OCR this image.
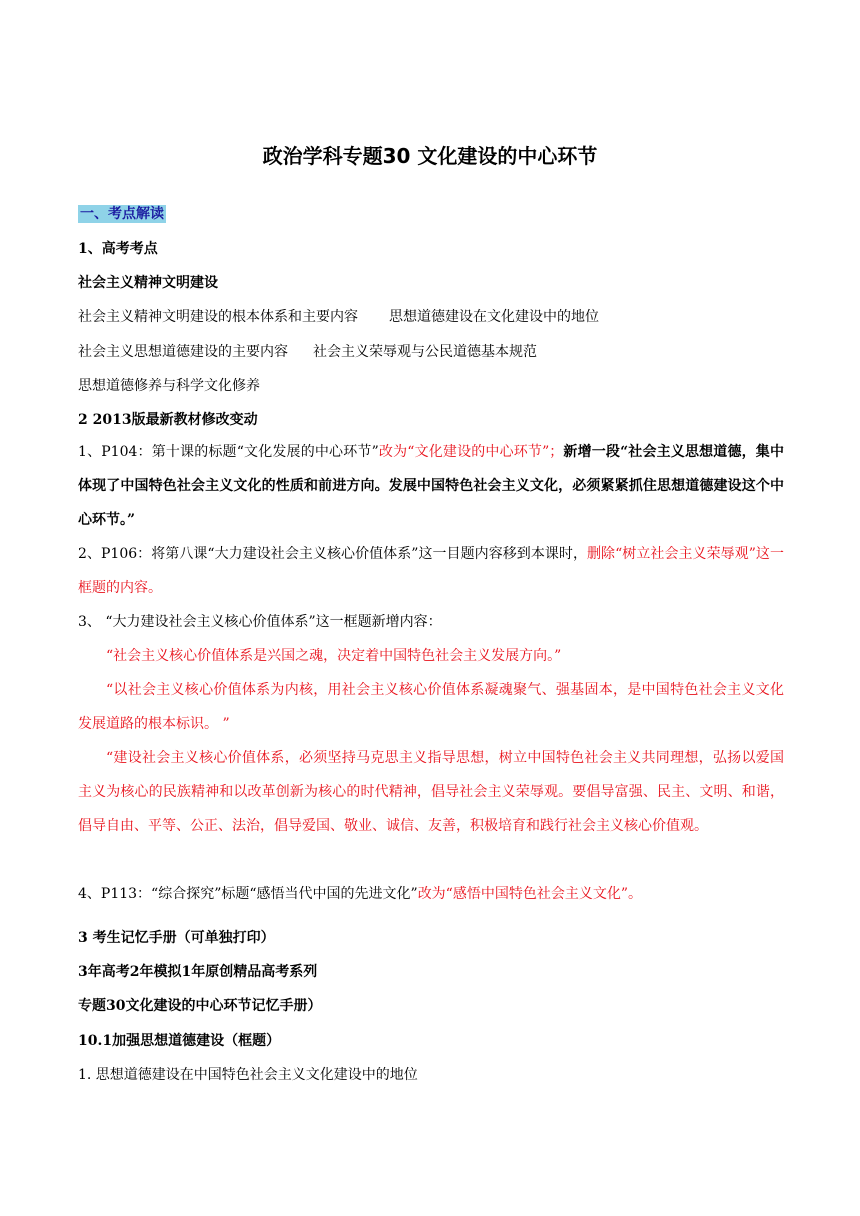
政治学科专题30 文化建设的中心环节
一、考点解读
1、高考考点
社会主义精神文明建设
社会主义精神文明建设的根本体系和主要内容 思想道德建设在文化建设中的地位
社会主义思想道德建设的主要内容 社会主义荣辱观与公民道德基本规范
思想道德修养与科学文化修养
2 2013版最新教材修改变动
1、P104：第十课的标题“文化发展的中心环节”改为“文化建设的中心环节”；新增一段“社会主义思想道德，集中体现了中国特色社会主义文化的性质和前进方向。发展中国特色社会主义文化，必须紧紧抓住思想道德建设这个中心环节。”
2、P106：将第八课“大力建设社会主义核心价值体系”这一目题内容移到本课时，删除“树立社会主义荣辱观”这一框题的内容。
3、 “大力建设社会主义核心价值体系”这一框题新增内容：
“社会主义核心价值体系是兴国之魂，决定着中国特色社会主义发展方向。”
“以社会主义核心价值体系为内核，用社会主义核心价值体系凝魂聚气、强基固本，是中国特色社会主义文化发展道路的根本标识。 ”
“建设社会主义核心价值体系，必须坚持马克思主义指导思想，树立中国特色社会主义共同理想，弘扬以爱国主义为核心的民族精神和以改革创新为核心的时代精神，倡导社会主义荣辱观。要倡导富强、民主、文明、和谐，倡导自由、平等、公正、法治，倡导爱国、敬业、诚信、友善，积极培育和践行社会主义核心价值观。
4、P113：“综合探究”标题“感悟当代中国的先进文化”改为“感悟中国特色社会主义文化”。
3 考生记忆手册（可单独打印）
3年高考2年模拟1年原创精品高考系列
专题30文化建设的中心环节记忆手册）
10.1加强思想道德建设（框题）
1. 思想道德建设在中国特色社会主义文化建设中的地位
